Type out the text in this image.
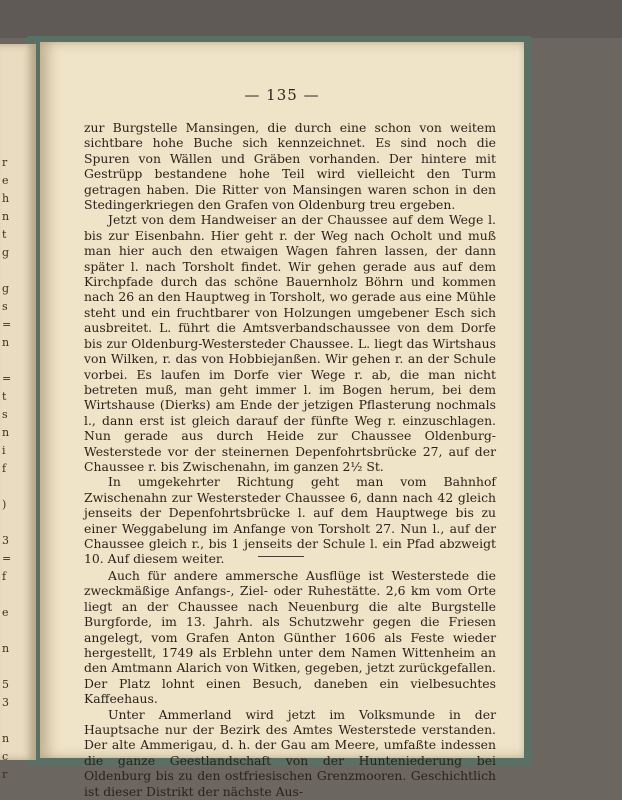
r
e
h
n
t
g
g
s
=
n
=
t
s
n
i
f
)
3
=
f
e
n
5
3
n
c
r
— 135 —

zur Burgstelle Mansingen, die durch eine schon von weitem sichtbare hohe Buche sich kennzeichnet. Es sind noch die Spuren von Wällen und Gräben vorhanden. Der hintere mit Gestrüpp bestandene hohe Teil wird vielleicht den Turm getragen haben. Die Ritter von Mansingen waren schon in den Stedingerkriegen den Grafen von Oldenburg treu ergeben.

Jetzt von dem Handweiser an der Chaussee auf dem Wege l. bis zur Eisenbahn. Hier geht r. der Weg nach Ocholt und muß man hier auch den etwaigen Wagen fahren lassen, der dann später l. nach Torsholt findet. Wir gehen gerade aus auf dem Kirchpfade durch das schöne Bauernholz Böhrn und kommen nach 26 an den Hauptweg in Torsholt, wo gerade aus eine Mühle steht und ein fruchtbarer von Holzungen umgebener Esch sich ausbreitet. L. führt die Amtsverbandschaussee von dem Dorfe bis zur Oldenburg-Westersteder Chaussee. L. liegt das Wirtshaus von Wilken, r. das von Hobbiejanßen. Wir gehen r. an der Schule vorbei. Es laufen im Dorfe vier Wege r. ab, die man nicht betreten muß, man geht immer l. im Bogen herum, bei dem Wirtshause (Dierks) am Ende der jetzigen Pflasterung nochmals l., dann erst ist gleich darauf der fünfte Weg r. einzuschlagen. Nun gerade aus durch Heide zur Chaussee Oldenburg-Westerstede vor der steinernen Depenfohrtsbrücke 27, auf der Chaussee r. bis Zwischenahn, im ganzen 2½ St.

In umgekehrter Richtung geht man vom Bahnhof Zwischenahn zur Westersteder Chaussee 6, dann nach 42 gleich jenseits der Depenfohrtsbrücke l. auf dem Hauptwege bis zu einer Weggabelung im Anfange von Torsholt 27. Nun l., auf der Chaussee gleich r., bis 1 jenseits der Schule l. ein Pfad abzweigt 10. Auf diesem weiter.

Auch für andere ammersche Ausflüge ist Westerstede die zweckmäßige Anfangs-, Ziel- oder Ruhestätte. 2,6 km vom Orte liegt an der Chaussee nach Neuenburg die alte Burgstelle Burgforde, im 13. Jahrh. als Schutzwehr gegen die Friesen angelegt, vom Grafen Anton Günther 1606 als Feste wieder hergestellt, 1749 als Erblehn unter dem Namen Wittenheim an den Amtmann Alarich von Witken, gegeben, jetzt zurückgefallen. Der Platz lohnt einen Besuch, daneben ein vielbesuchtes Kaffeehaus.

Unter Ammerland wird jetzt im Volksmunde in der Hauptsache nur der Bezirk des Amtes Westerstede verstanden. Der alte Ammerigau, d. h. der Gau am Meere, umfaßte indessen die ganze Geestlandschaft von der Hunteniederung bei Oldenburg bis zu den ostfriesischen Grenzmooren. Geschichtlich ist dieser Distrikt der nächste Aus-
